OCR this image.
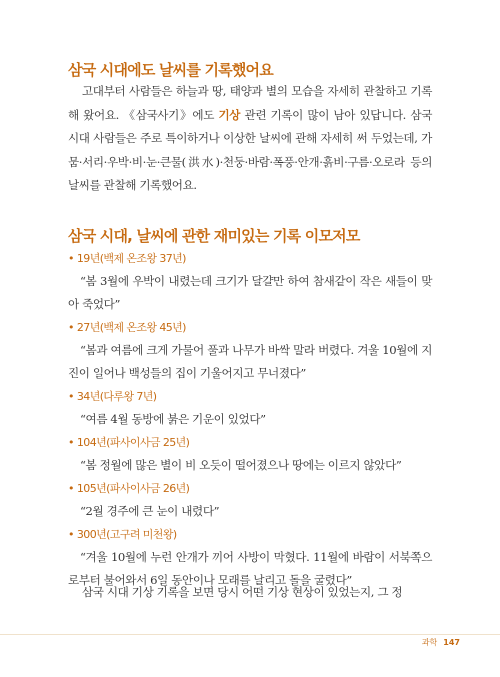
삼국 시대에도 날씨를 기록했어요

고대부터 사람들은 하늘과 땅, 태양과 별의 모습을 자세히 관찰하고 기록해 왔어요. 《삼국사기》에도 기상 관련 기록이 많이 남아 있답니다. 삼국 시대 사람들은 주로 특이하거나 이상한 날씨에 관해 자세히 써 두었는데, 가뭄·서리·우박·비·눈·큰물(洪水)·천둥·바람·폭풍·안개·흙비·구름·오로라 등의 날씨를 관찰해 기록했어요.

삼국 시대, 날씨에 관한 재미있는 기록 이모저모
• 19년(백제 온조왕 37년)

“봄 3월에 우박이 내렸는데 크기가 달걀만 하여 참새같이 작은 새들이 맞아 죽었다”

• 27년(백제 온조왕 45년)

“봄과 여름에 크게 가물어 풀과 나무가 바싹 말라 버렸다. 겨울 10월에 지진이 일어나 백성들의 집이 기울어지고 무너졌다”

• 34년(다루왕 7년)

“여름 4월 동방에 붉은 기운이 있었다”

• 104년(파사이사금 25년)

“봄 정월에 많은 별이 비 오듯이 떨어졌으나 땅에는 이르지 않았다”

• 105년(파사이사금 26년)

“2월 경주에 큰 눈이 내렸다”

• 300년(고구려 미천왕)

“겨울 10월에 누런 안개가 끼어 사방이 막혔다. 11월에 바람이 서북쪽으로부터 불어와서 6일 동안이나 모래를 날리고 돌을 굴렸다”

삼국 시대 기상 기록을 보면 당시 어떤 기상 현상이 있었는지, 그 정

과학 147
